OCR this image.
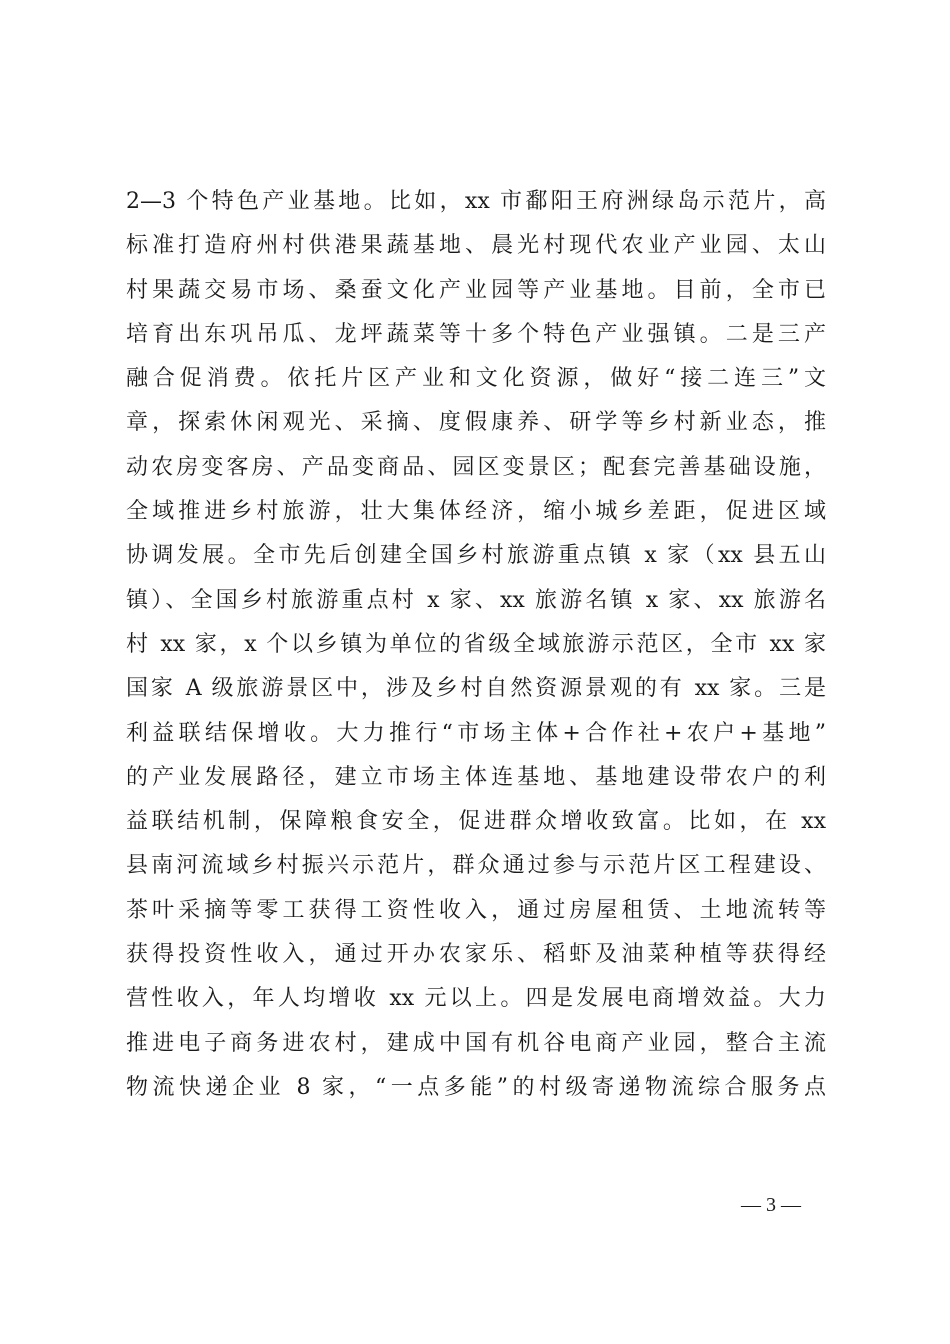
2—3 个特色产业基地。比如，xx 市鄱阳王府洲绿岛示范片，高
标准打造府州村供港果蔬基地、晨光村现代农业产业园、太山
村果蔬交易市场、桑蚕文化产业园等产业基地。目前，全市已
培育出东巩吊瓜、龙坪蔬菜等十多个特色产业强镇。二是三产
融合促消费。依托片区产业和文化资源，做好“接二连三”文
章，探索休闲观光、采摘、度假康养、研学等乡村新业态，推
动农房变客房、产品变商品、园区变景区；配套完善基础设施，
全域推进乡村旅游，壮大集体经济，缩小城乡差距，促进区域
协调发展。全市先后创建全国乡村旅游重点镇 x 家（xx 县五山
镇）、全国乡村旅游重点村 x 家、xx 旅游名镇 x 家、xx 旅游名
村 xx 家，x 个以乡镇为单位的省级全域旅游示范区，全市 xx 家
国家 A 级旅游景区中，涉及乡村自然资源景观的有 xx 家。三是
利益联结保增收。大力推行“市场主体+合作社+农户+基地”
的产业发展路径，建立市场主体连基地、基地建设带农户的利
益联结机制，保障粮食安全，促进群众增收致富。比如，在 xx
县南河流域乡村振兴示范片，群众通过参与示范片区工程建设、
茶叶采摘等零工获得工资性收入，通过房屋租赁、土地流转等
获得投资性收入，通过开办农家乐、稻虾及油菜种植等获得经
营性收入，年人均增收 xx 元以上。四是发展电商增效益。大力
推进电子商务进农村，建成中国有机谷电商产业园，整合主流
物流快递企业 8 家，“一点多能”的村级寄递物流综合服务点
— 3 —
